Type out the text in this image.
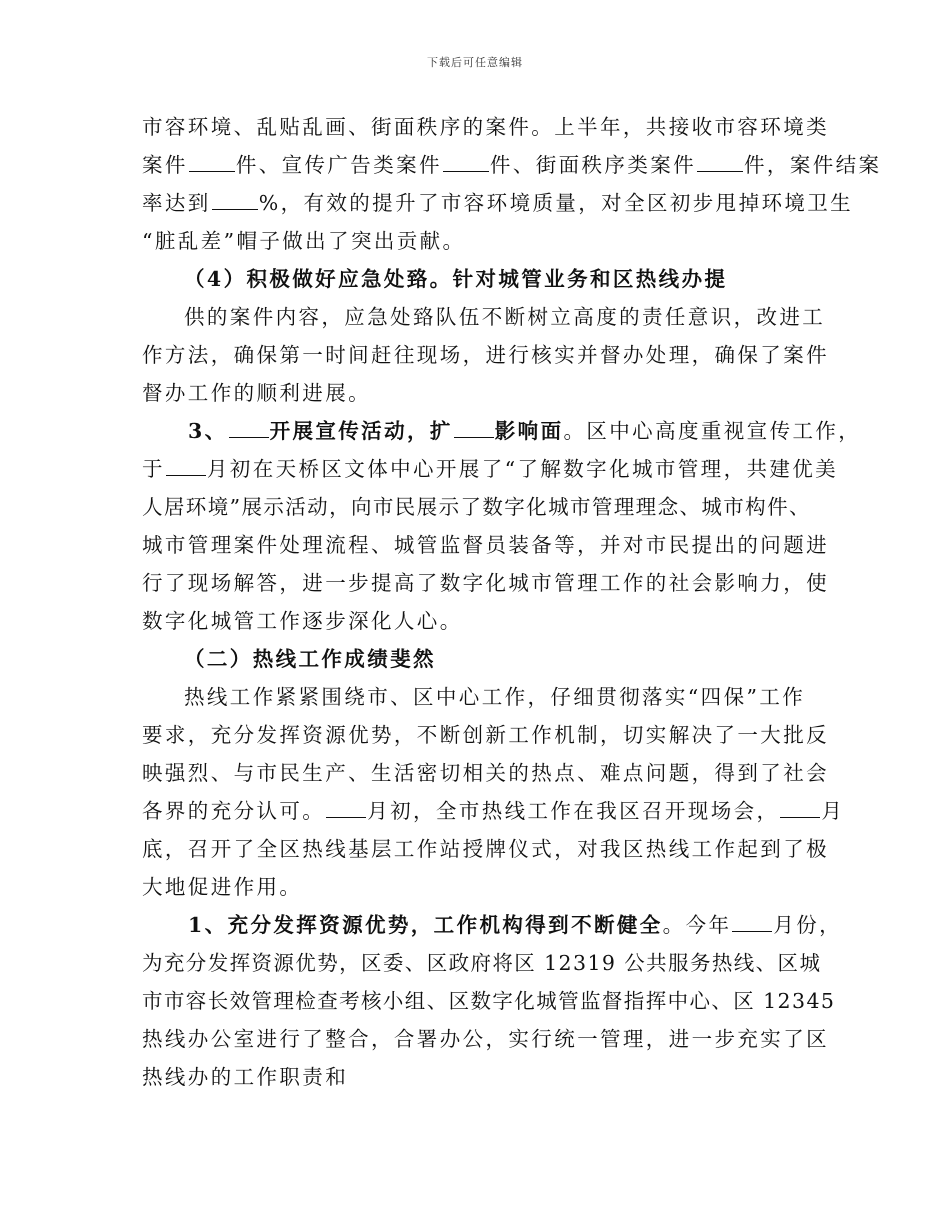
下载后可任意编辑
市容环境、乱贴乱画、街面秩序的案件。上半年，共接收市容环境类
案件 件、宣传广告类案件 件、街面秩序类案件 件，案件结案
率达到 %，有效的提升了市容环境质量，对全区初步甩掉环境卫生
“脏乱差”帽子做出了突出贡献。
（4）积极做好应急处臵。针对城管业务和区热线办提
供的案件内容，应急处臵队伍不断树立高度的责任意识，改进工
作方法，确保第一时间赶往现场，进行核实并督办处理，确保了案件
督办工作的顺利进展。
3、 开展宣传活动，扩 影响面。区中心高度重视宣传工作，
于 月初在天桥区文体中心开展了“了解数字化城市管理，共建优美
人居环境”展示活动，向市民展示了数字化城市管理理念、城市构件、
城市管理案件处理流程、城管监督员装备等，并对市民提出的问题进
行了现场解答，进一步提高了数字化城市管理工作的社会影响力，使
数字化城管工作逐步深化人心。
（二）热线工作成绩斐然
热线工作紧紧围绕市、区中心工作，仔细贯彻落实“四保”工作
要求，充分发挥资源优势，不断创新工作机制，切实解决了一大批反
映强烈、与市民生产、生活密切相关的热点、难点问题，得到了社会
各界的充分认可。 月初，全市热线工作在我区召开现场会， 月
底，召开了全区热线基层工作站授牌仪式，对我区热线工作起到了极
大地促进作用。
1、充分发挥资源优势，工作机构得到不断健全。今年 月份，
为充分发挥资源优势，区委、区政府将区 12319 公共服务热线、区城
市市容长效管理检查考核小组、区数字化城管监督指挥中心、区 12345
热线办公室进行了整合，合署办公，实行统一管理，进一步充实了区
热线办的工作职责和
